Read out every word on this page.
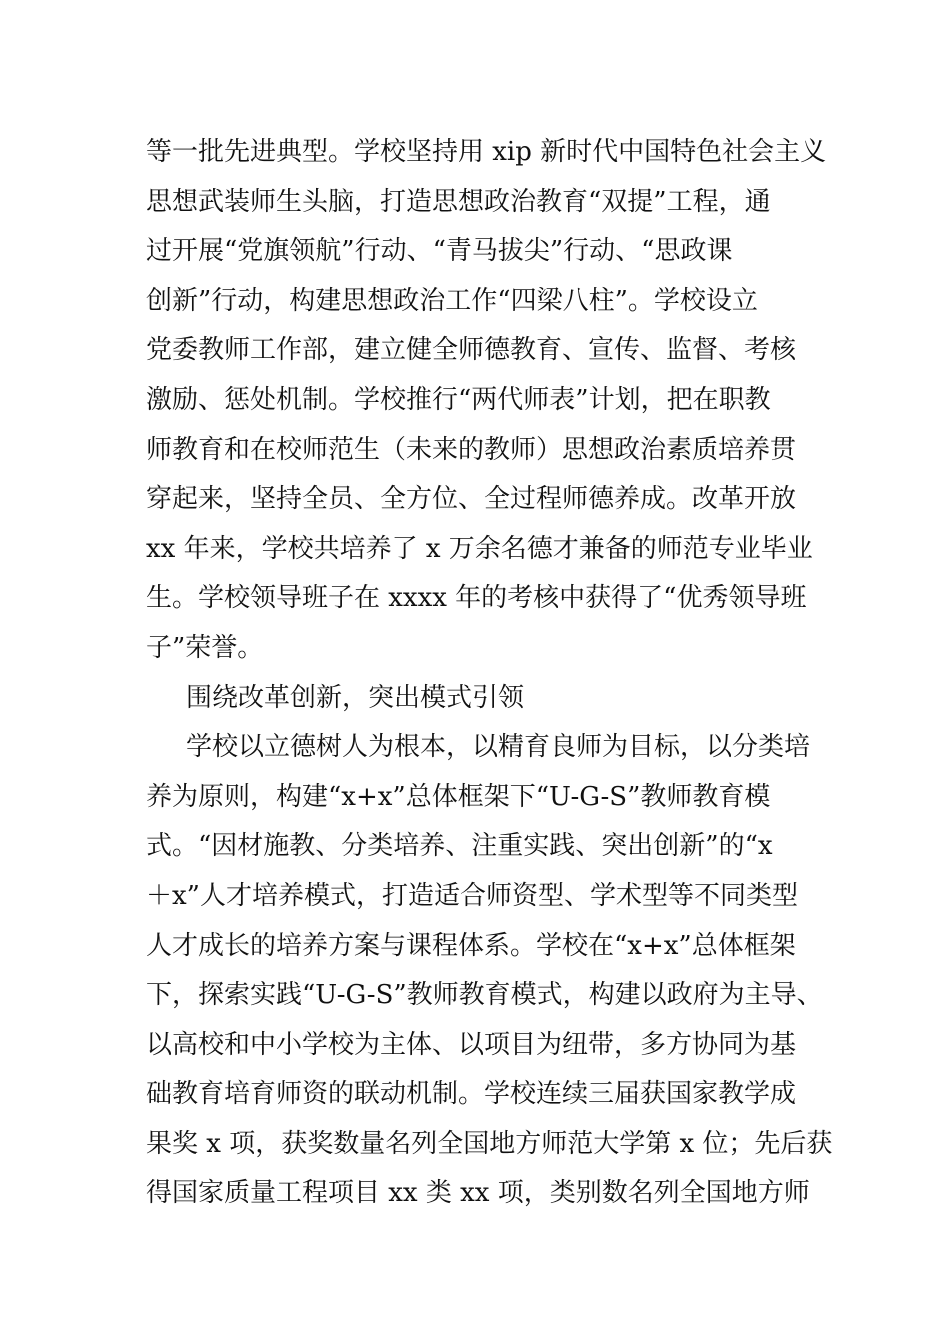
等一批先进典型。学校坚持用 xip 新时代中国特色社会主义
思想武装师生头脑，打造思想政治教育“双提”工程，通
过开展“党旗领航”行动、“青马拔尖”行动、“思政课
创新”行动，构建思想政治工作“四梁八柱”。学校设立
党委教师工作部，建立健全师德教育、宣传、监督、考核
激励、惩处机制。学校推行“两代师表”计划，把在职教
师教育和在校师范生（未来的教师）思想政治素质培养贯
穿起来，坚持全员、全方位、全过程师德养成。改革开放
xx 年来，学校共培养了 x 万余名德才兼备的师范专业毕业
生。学校领导班子在 xxxx 年的考核中获得了“优秀领导班
子”荣誉。
围绕改革创新，突出模式引领
学校以立德树人为根本，以精育良师为目标，以分类培
养为原则，构建“x+x”总体框架下“U-G-S”教师教育模
式。“因材施教、分类培养、注重实践、突出创新”的“x
＋x”人才培养模式，打造适合师资型、学术型等不同类型
人才成长的培养方案与课程体系。学校在“x+x”总体框架
下，探索实践“U-G-S”教师教育模式，构建以政府为主导、
以高校和中小学校为主体、以项目为纽带，多方协同为基
础教育培育师资的联动机制。学校连续三届获国家教学成
果奖 x 项，获奖数量名列全国地方师范大学第 x 位；先后获
得国家质量工程项目 xx 类 xx 项，类别数名列全国地方师
